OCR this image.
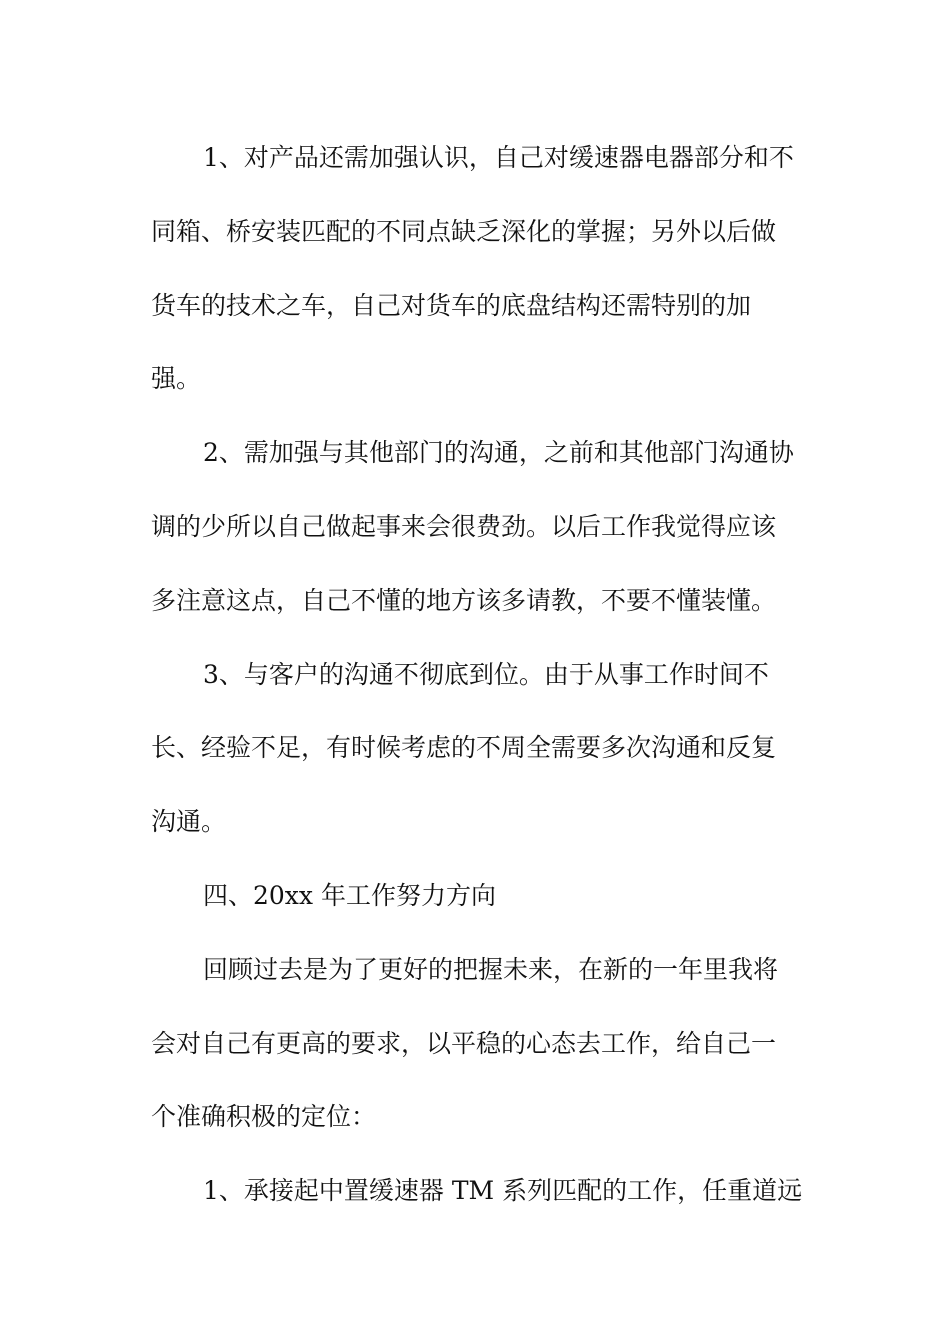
1、对产品还需加强认识，自己对缓速器电器部分和不
同箱、桥安装匹配的不同点缺乏深化的掌握；另外以后做
货车的技术之车，自己对货车的底盘结构还需特别的加
强。
2、需加强与其他部门的沟通，之前和其他部门沟通协
调的少所以自己做起事来会很费劲。以后工作我觉得应该
多注意这点，自己不懂的地方该多请教，不要不懂装懂。
3、与客户的沟通不彻底到位。由于从事工作时间不
长、经验不足，有时候考虑的不周全需要多次沟通和反复
沟通。
四、20xx 年工作努力方向
回顾过去是为了更好的把握未来，在新的一年里我将
会对自己有更高的要求，以平稳的心态去工作，给自己一
个准确积极的定位：
1、承接起中置缓速器 TM 系列匹配的工作，任重道远
